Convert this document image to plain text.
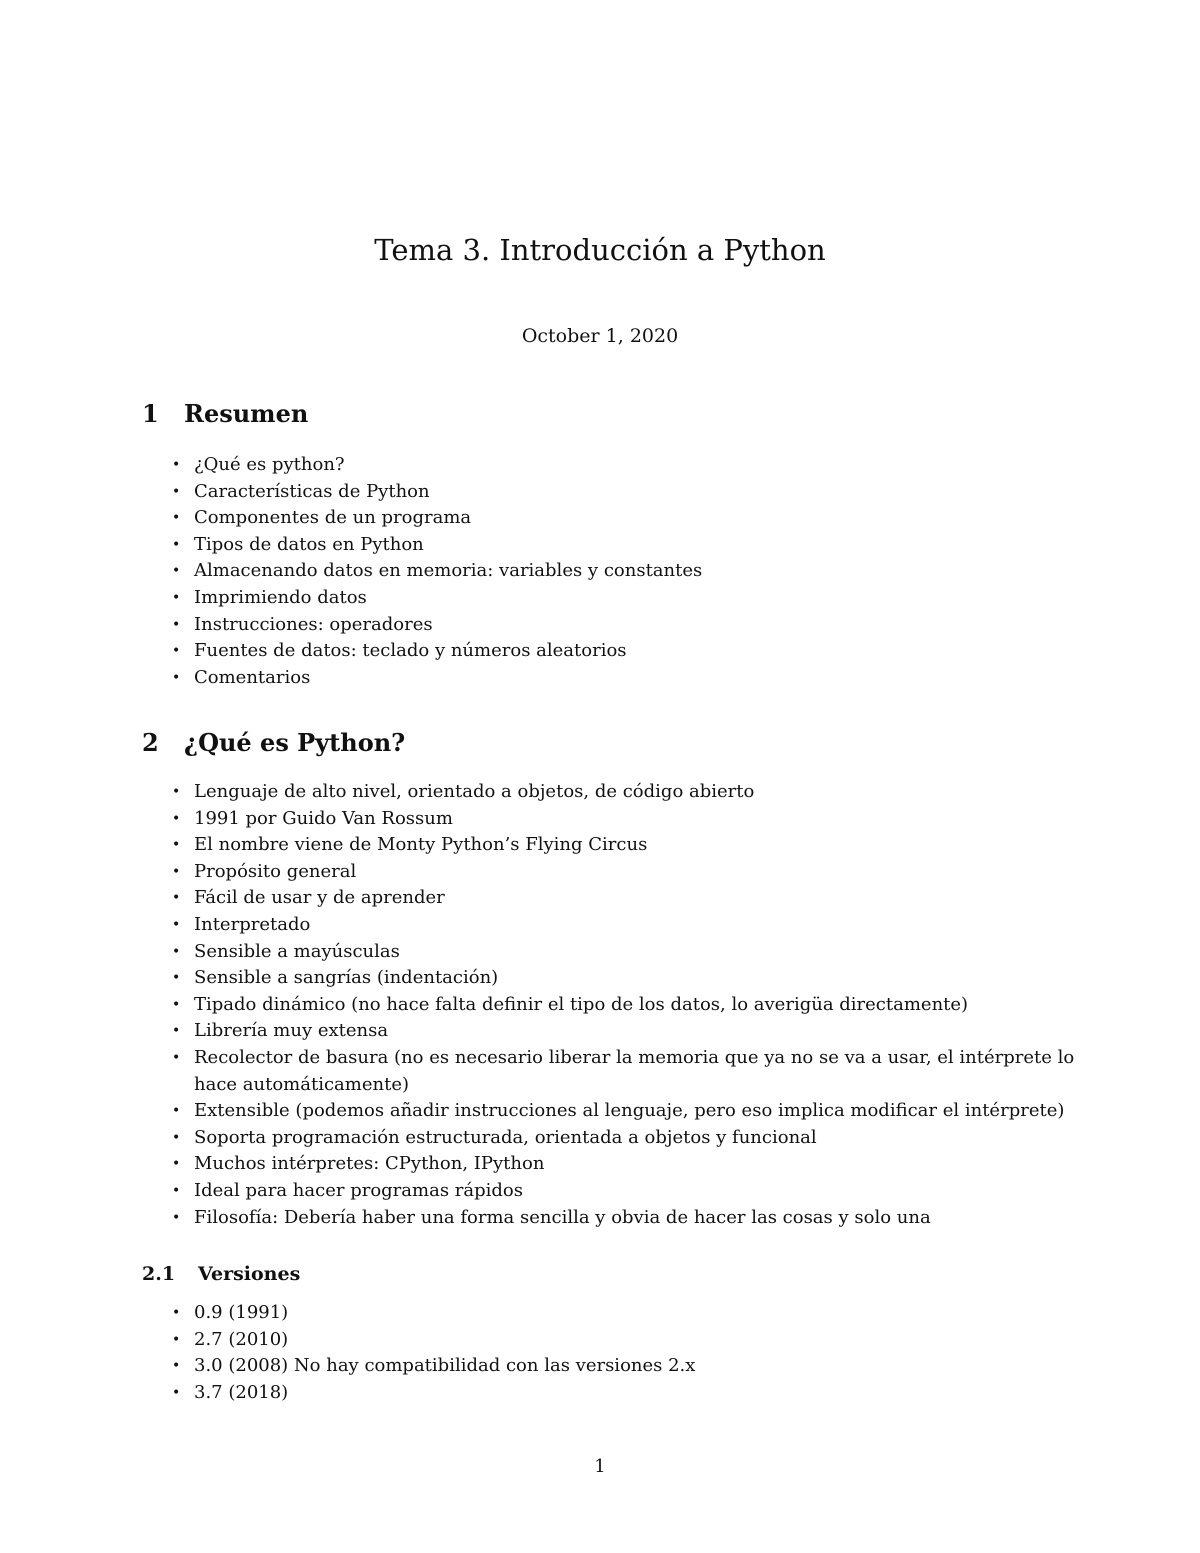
Tema 3. Introducción a Python

October 1, 2020

1 Resumen
• ¿Qué es python?
• Características de Python
• Componentes de un programa
• Tipos de datos en Python
• Almacenando datos en memoria: variables y constantes
• Imprimiendo datos
• Instrucciones: operadores
• Fuentes de datos: teclado y números aleatorios
• Comentarios
2 ¿Qué es Python?
• Lenguaje de alto nivel, orientado a objetos, de código abierto
• 1991 por Guido Van Rossum
• El nombre viene de Monty Python’s Flying Circus
• Propósito general
• Fácil de usar y de aprender
• Interpretado
• Sensible a mayúsculas
• Sensible a sangrías (indentación)
• Tipado dinámico (no hace falta definir el tipo de los datos, lo averigüa directamente)
• Librería muy extensa
• Recolector de basura (no es necesario liberar la memoria que ya no se va a usar, el intérprete lo hace automáticamente)
• Extensible (podemos añadir instrucciones al lenguaje, pero eso implica modificar el intérprete)
• Soporta programación estructurada, orientada a objetos y funcional
• Muchos intérpretes: CPython, IPython
• Ideal para hacer programas rápidos
• Filosofía: Debería haber una forma sencilla y obvia de hacer las cosas y solo una
2.1 Versiones
• 0.9 (1991)
• 2.7 (2010)
• 3.0 (2008) No hay compatibilidad con las versiones 2.x
• 3.7 (2018)

1
